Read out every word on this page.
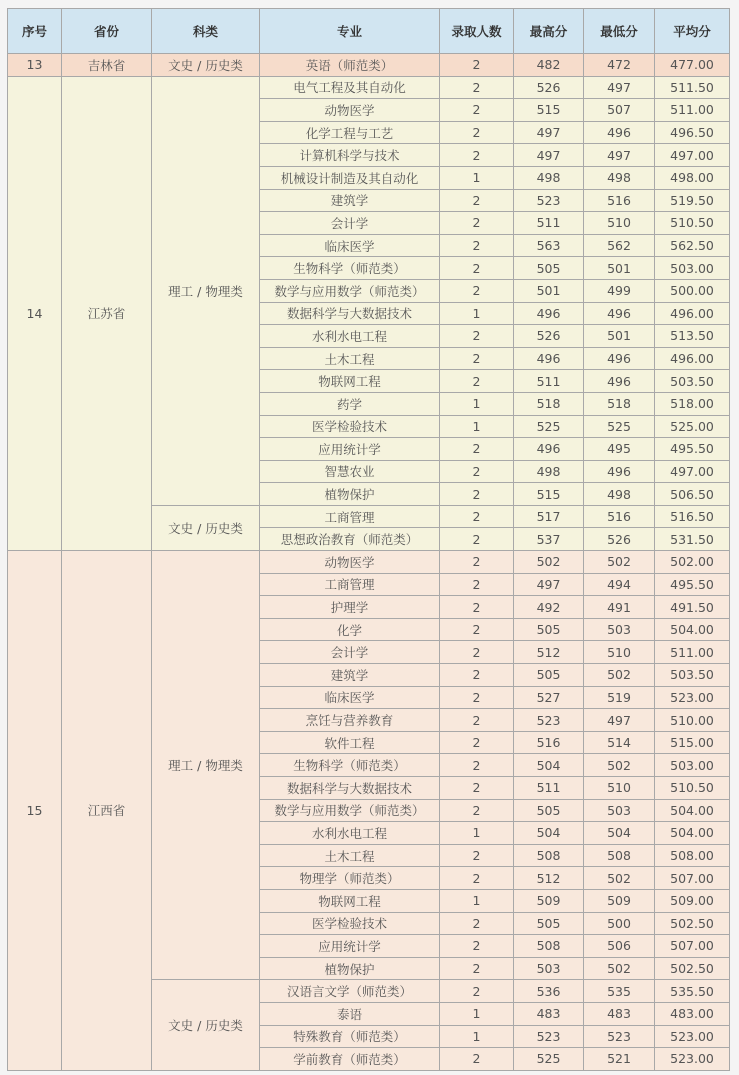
序号	省份	科类	专业	录取人数	最高分	最低分	平均分
13	吉林省	文史 / 历史类	英语（师范类）	2	482	472	477.00
14	江苏省	理工 / 物理类	电气工程及其自动化	2	526	497	511.50
			动物医学	2	515	507	511.00
			化学工程与工艺	2	497	496	496.50
			计算机科学与技术	2	497	497	497.00
			机械设计制造及其自动化	1	498	498	498.00
			建筑学	2	523	516	519.50
			会计学	2	511	510	510.50
			临床医学	2	563	562	562.50
			生物科学（师范类）	2	505	501	503.00
			数学与应用数学（师范类）	2	501	499	500.00
			数据科学与大数据技术	1	496	496	496.00
			水利水电工程	2	526	501	513.50
			土木工程	2	496	496	496.00
			物联网工程	2	511	496	503.50
			药学	1	518	518	518.00
			医学检验技术	1	525	525	525.00
			应用统计学	2	496	495	495.50
			智慧农业	2	498	496	497.00
			植物保护	2	515	498	506.50
		文史 / 历史类	工商管理	2	517	516	516.50
			思想政治教育（师范类）	2	537	526	531.50
15	江西省	理工 / 物理类	动物医学	2	502	502	502.00
			工商管理	2	497	494	495.50
			护理学	2	492	491	491.50
			化学	2	505	503	504.00
			会计学	2	512	510	511.00
			建筑学	2	505	502	503.50
			临床医学	2	527	519	523.00
			烹饪与营养教育	2	523	497	510.00
			软件工程	2	516	514	515.00
			生物科学（师范类）	2	504	502	503.00
			数据科学与大数据技术	2	511	510	510.50
			数学与应用数学（师范类）	2	505	503	504.00
			水利水电工程	1	504	504	504.00
			土木工程	2	508	508	508.00
			物理学（师范类）	2	512	502	507.00
			物联网工程	1	509	509	509.00
			医学检验技术	2	505	500	502.50
			应用统计学	2	508	506	507.00
			植物保护	2	503	502	502.50
		文史 / 历史类	汉语言文学（师范类）	2	536	535	535.50
			泰语	1	483	483	483.00
			特殊教育（师范类）	1	523	523	523.00
			学前教育（师范类）	2	525	521	523.00
